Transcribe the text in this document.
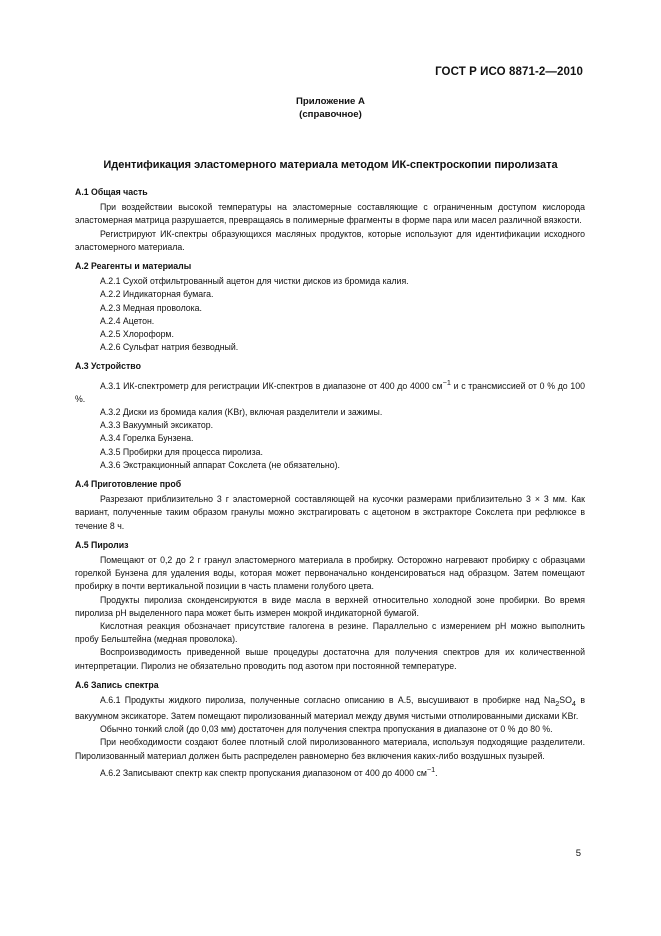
ГОСТ Р ИСО 8871-2—2010
Приложение А
(справочное)
Идентификация эластомерного материала методом ИК-спектроскопии пиролизата
А.1 Общая часть

При воздействии высокой температуры на эластомерные составляющие с ограниченным доступом кислорода эластомерная матрица разрушается, превращаясь в полимерные фрагменты в форме пара или масел различной вязкости.

Регистрируют ИК-спектры образующихся масляных продуктов, которые используют для идентификации исходного эластомерного материала.

А.2 Реагенты и материалы

А.2.1 Сухой отфильтрованный ацетон для чистки дисков из бромида калия.

А.2.2 Индикаторная бумага.

А.2.3 Медная проволока.

А.2.4 Ацетон.

А.2.5 Хлороформ.

А.2.6 Сульфат натрия безводный.

А.3 Устройство

А.3.1 ИК-спектрометр для регистрации ИК-спектров в диапазоне от 400 до 4000 $см^{-1}$ и с трансмиссией от 0 % до 100 %.

А.3.2 Диски из бромида калия (KBr), включая разделители и зажимы.

А.3.3 Вакуумный эксикатор.

А.3.4 Горелка Бунзена.

А.3.5 Пробирки для процесса пиролиза.

А.3.6 Экстракционный аппарат Сокслета (не обязательно).

А.4 Приготовление проб

Разрезают приблизительно 3 г эластомерной составляющей на кусочки размерами приблизительно 3 × 3 мм. Как вариант, полученные таким образом гранулы можно экстрагировать с ацетоном в экстракторе Сокслета при рефлюксе в течение 8 ч.

А.5 Пиролиз

Помещают от 0,2 до 2 г гранул эластомерного материала в пробирку. Осторожно нагревают пробирку с образцами горелкой Бунзена для удаления воды, которая может первоначально конденсироваться над образцом. Затем помещают пробирку в почти вертикальной позиции в часть пламени голубого цвета.

Продукты пиролиза сконденсируются в виде масла в верхней относительно холодной зоне пробирки. Во время пиролиза pH выделенного пара может быть измерен мокрой индикаторной бумагой.

Кислотная реакция обозначает присутствие галогена в резине. Параллельно с измерением pH можно выполнить пробу Бельштейна (медная проволока).

Воспроизводимость приведенной выше процедуры достаточна для получения спектров для их количественной интерпретации. Пиролиз не обязательно проводить под азотом при постоянной температуре.

А.6 Запись спектра

А.6.1 Продукты жидкого пиролиза, полученные согласно описанию в А.5, высушивают в пробирке над $Na_2SO_4$ в вакуумном эксикаторе. Затем помещают пиролизованный материал между двумя чистыми отполированными дисками KBr.

Обычно тонкий слой (до 0,03 мм) достаточен для получения спектра пропускания в диапазоне от 0 % до 80 %.

При необходимости создают более плотный слой пиролизованного материала, используя подходящие разделители. Пиролизованный материал должен быть распределен равномерно без включения каких-либо воздушных пузырей.

А.6.2 Записывают спектр как спектр пропускания диапазоном от 400 до 4000 $см^{-1}$.

5
